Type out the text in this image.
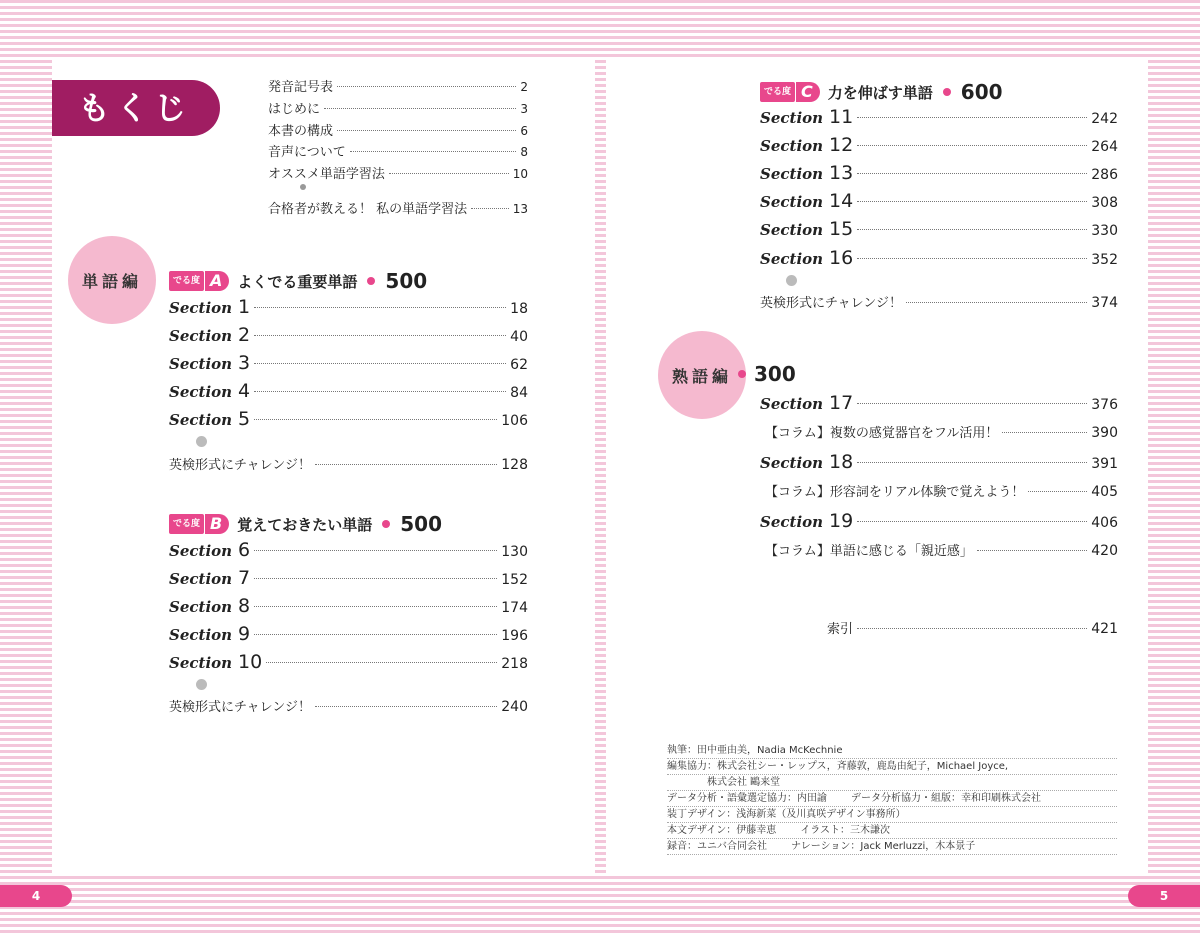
もくじ
発音記号表	2
はじめに	3
本書の構成	6
音声について	8
オススメ単語学習法	10
合格者が教える！ 私の単語学習法	13
単語編	でる度 A	よくでる重要単語 500
Section 1	18
Section 2	40
Section 3	62
Section 4	84
Section 5	106
英検形式にチャレンジ！	128
でる度 B	覚えておきたい単語 500
Section 6	130
Section 7	152
Section 8	174
Section 9	196
Section 10	218
英検形式にチャレンジ！	240
でる度 C	力を伸ばす単語 600
Section 11	242
Section 12	264
Section 13	286
Section 14	308
Section 15	330
Section 16	352
英検形式にチャレンジ！	374
熟語編	300
Section 17	376
【コラム】複数の感覚器官をフル活用！	390
Section 18	391
【コラム】形容詞をリアル体験で覚えよう！	405
Section 19	406
【コラム】単語に感じる「親近感」	420
索引	421
執筆：田中亜由美，Nadia McKechnie
編集協力：株式会社シー・レップス，斉藤敦，鹿島由紀子，Michael Joyce,
株式会社 鷗来堂
データ分析・語彙選定協力：内田諭 データ分析協力・組版：幸和印刷株式会社
装丁デザイン：浅海新菜（及川真咲デザイン事務所）
本文デザイン：伊藤幸恵 イラスト：三木謙次
録音：ユニバ合同会社 ナレーション：Jack Merluzzi，木本景子
4	5
